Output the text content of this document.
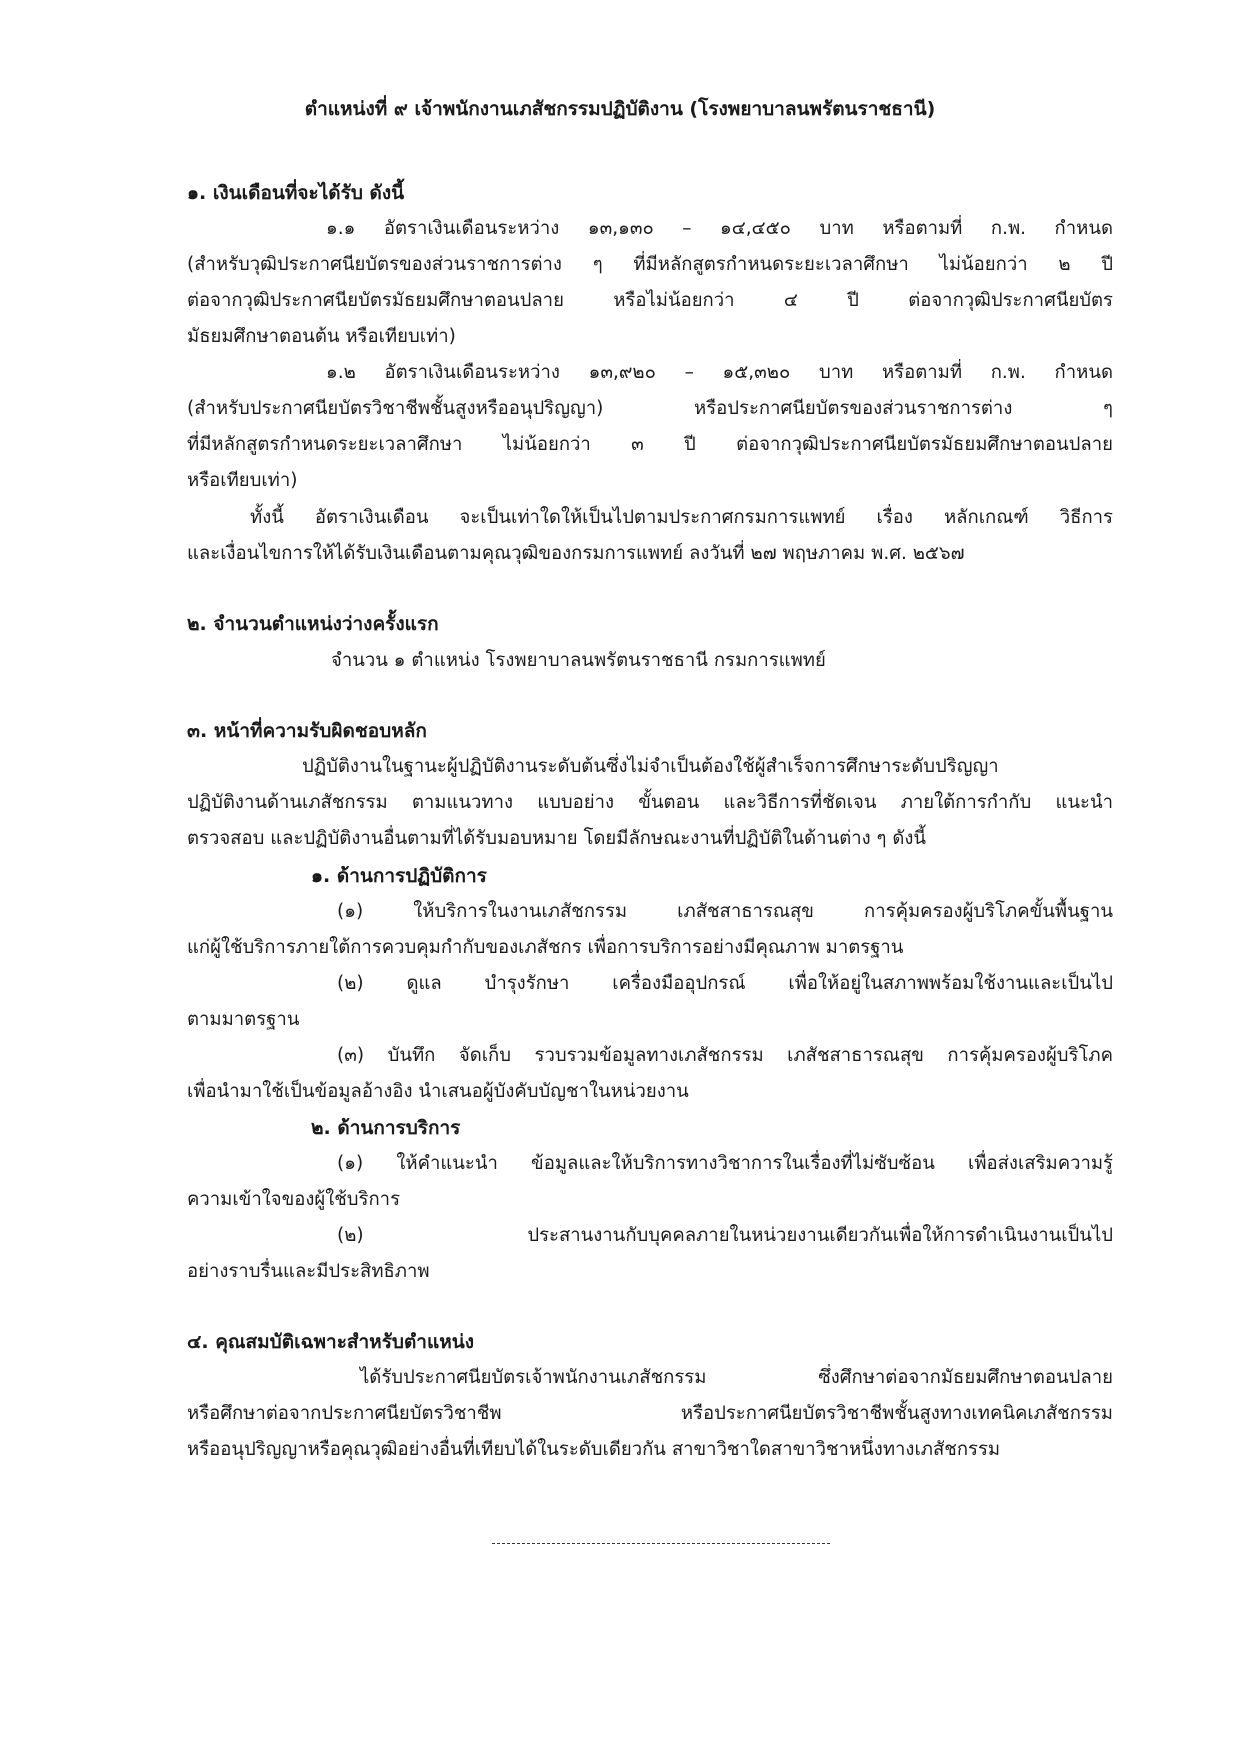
ตำแหน่งที่ ๙ เจ้าพนักงานเภสัชกรรมปฏิบัติงาน (โรงพยาบาลนพรัตนราชธานี)
๑. เงินเดือนที่จะได้รับ ดังนี้
๑.๑ อัตราเงินเดือนระหว่าง ๑๓,๑๓๐ – ๑๔,๔๕๐ บาท หรือตามที่ ก.พ. กำหนด
(สำหรับวุฒิประกาศนียบัตรของส่วนราชการต่าง ๆ ที่มีหลักสูตรกำหนดระยะเวลาศึกษา ไม่น้อยกว่า ๒ ปี
ต่อจากวุฒิประกาศนียบัตรมัธยมศึกษาตอนปลาย หรือไม่น้อยกว่า ๔ ปี ต่อจากวุฒิประกาศนียบัตร
มัธยมศึกษาตอนต้น หรือเทียบเท่า)
๑.๒ อัตราเงินเดือนระหว่าง ๑๓,๙๒๐ – ๑๕,๓๒๐ บาท หรือตามที่ ก.พ. กำหนด
(สำหรับประกาศนียบัตรวิชาชีพชั้นสูงหรืออนุปริญญา) หรือประกาศนียบัตรของส่วนราชการต่าง ๆ
ที่มีหลักสูตรกำหนดระยะเวลาศึกษา ไม่น้อยกว่า ๓ ปี ต่อจากวุฒิประกาศนียบัตรมัธยมศึกษาตอนปลาย
หรือเทียบเท่า)
ทั้งนี้ อัตราเงินเดือน จะเป็นเท่าใดให้เป็นไปตามประกาศกรมการแพทย์ เรื่อง หลักเกณฑ์ วิธีการ
และเงื่อนไขการให้ได้รับเงินเดือนตามคุณวุฒิของกรมการแพทย์ ลงวันที่ ๒๗ พฤษภาคม พ.ศ. ๒๕๖๗
๒. จำนวนตำแหน่งว่างครั้งแรก
จำนวน ๑ ตำแหน่ง โรงพยาบาลนพรัตนราชธานี กรมการแพทย์
๓. หน้าที่ความรับผิดชอบหลัก
ปฏิบัติงานในฐานะผู้ปฏิบัติงานระดับต้นซึ่งไม่จำเป็นต้องใช้ผู้สำเร็จการศึกษาระดับปริญญา
ปฏิบัติงานด้านเภสัชกรรม ตามแนวทาง แบบอย่าง ขั้นตอน และวิธีการที่ชัดเจน ภายใต้การกำกับ แนะนำ
ตรวจสอบ และปฏิบัติงานอื่นตามที่ได้รับมอบหมาย โดยมีลักษณะงานที่ปฏิบัติในด้านต่าง ๆ ดังนี้
๑. ด้านการปฏิบัติการ
(๑) ให้บริการในงานเภสัชกรรม เภสัชสาธารณสุข การคุ้มครองผู้บริโภคขั้นพื้นฐาน
แก่ผู้ใช้บริการภายใต้การควบคุมกำกับของเภสัชกร เพื่อการบริการอย่างมีคุณภาพ มาตรฐาน
(๒) ดูแล บำรุงรักษา เครื่องมืออุปกรณ์ เพื่อให้อยู่ในสภาพพร้อมใช้งานและเป็นไป
ตามมาตรฐาน
(๓) บันทึก จัดเก็บ รวบรวมข้อมูลทางเภสัชกรรม เภสัชสาธารณสุข การคุ้มครองผู้บริโภค
เพื่อนำมาใช้เป็นข้อมูลอ้างอิง นำเสนอผู้บังคับบัญชาในหน่วยงาน
๒. ด้านการบริการ
(๑) ให้คำแนะนำ ข้อมูลและให้บริการทางวิชาการในเรื่องที่ไม่ซับซ้อน เพื่อส่งเสริมความรู้
ความเข้าใจของผู้ใช้บริการ
(๒) ประสานงานกับบุคคลภายในหน่วยงานเดียวกันเพื่อให้การดำเนินงานเป็นไป
อย่างราบรื่นและมีประสิทธิภาพ
๔. คุณสมบัติเฉพาะสำหรับตำแหน่ง
ได้รับประกาศนียบัตรเจ้าพนักงานเภสัชกรรม ซึ่งศึกษาต่อจากมัธยมศึกษาตอนปลาย
หรือศึกษาต่อจากประกาศนียบัตรวิชาชีพ หรือประกาศนียบัตรวิชาชีพชั้นสูงทางเทคนิคเภสัชกรรม
หรืออนุปริญญาหรือคุณวุฒิอย่างอื่นที่เทียบได้ในระดับเดียวกัน สาขาวิชาใดสาขาวิชาหนึ่งทางเภสัชกรรม
